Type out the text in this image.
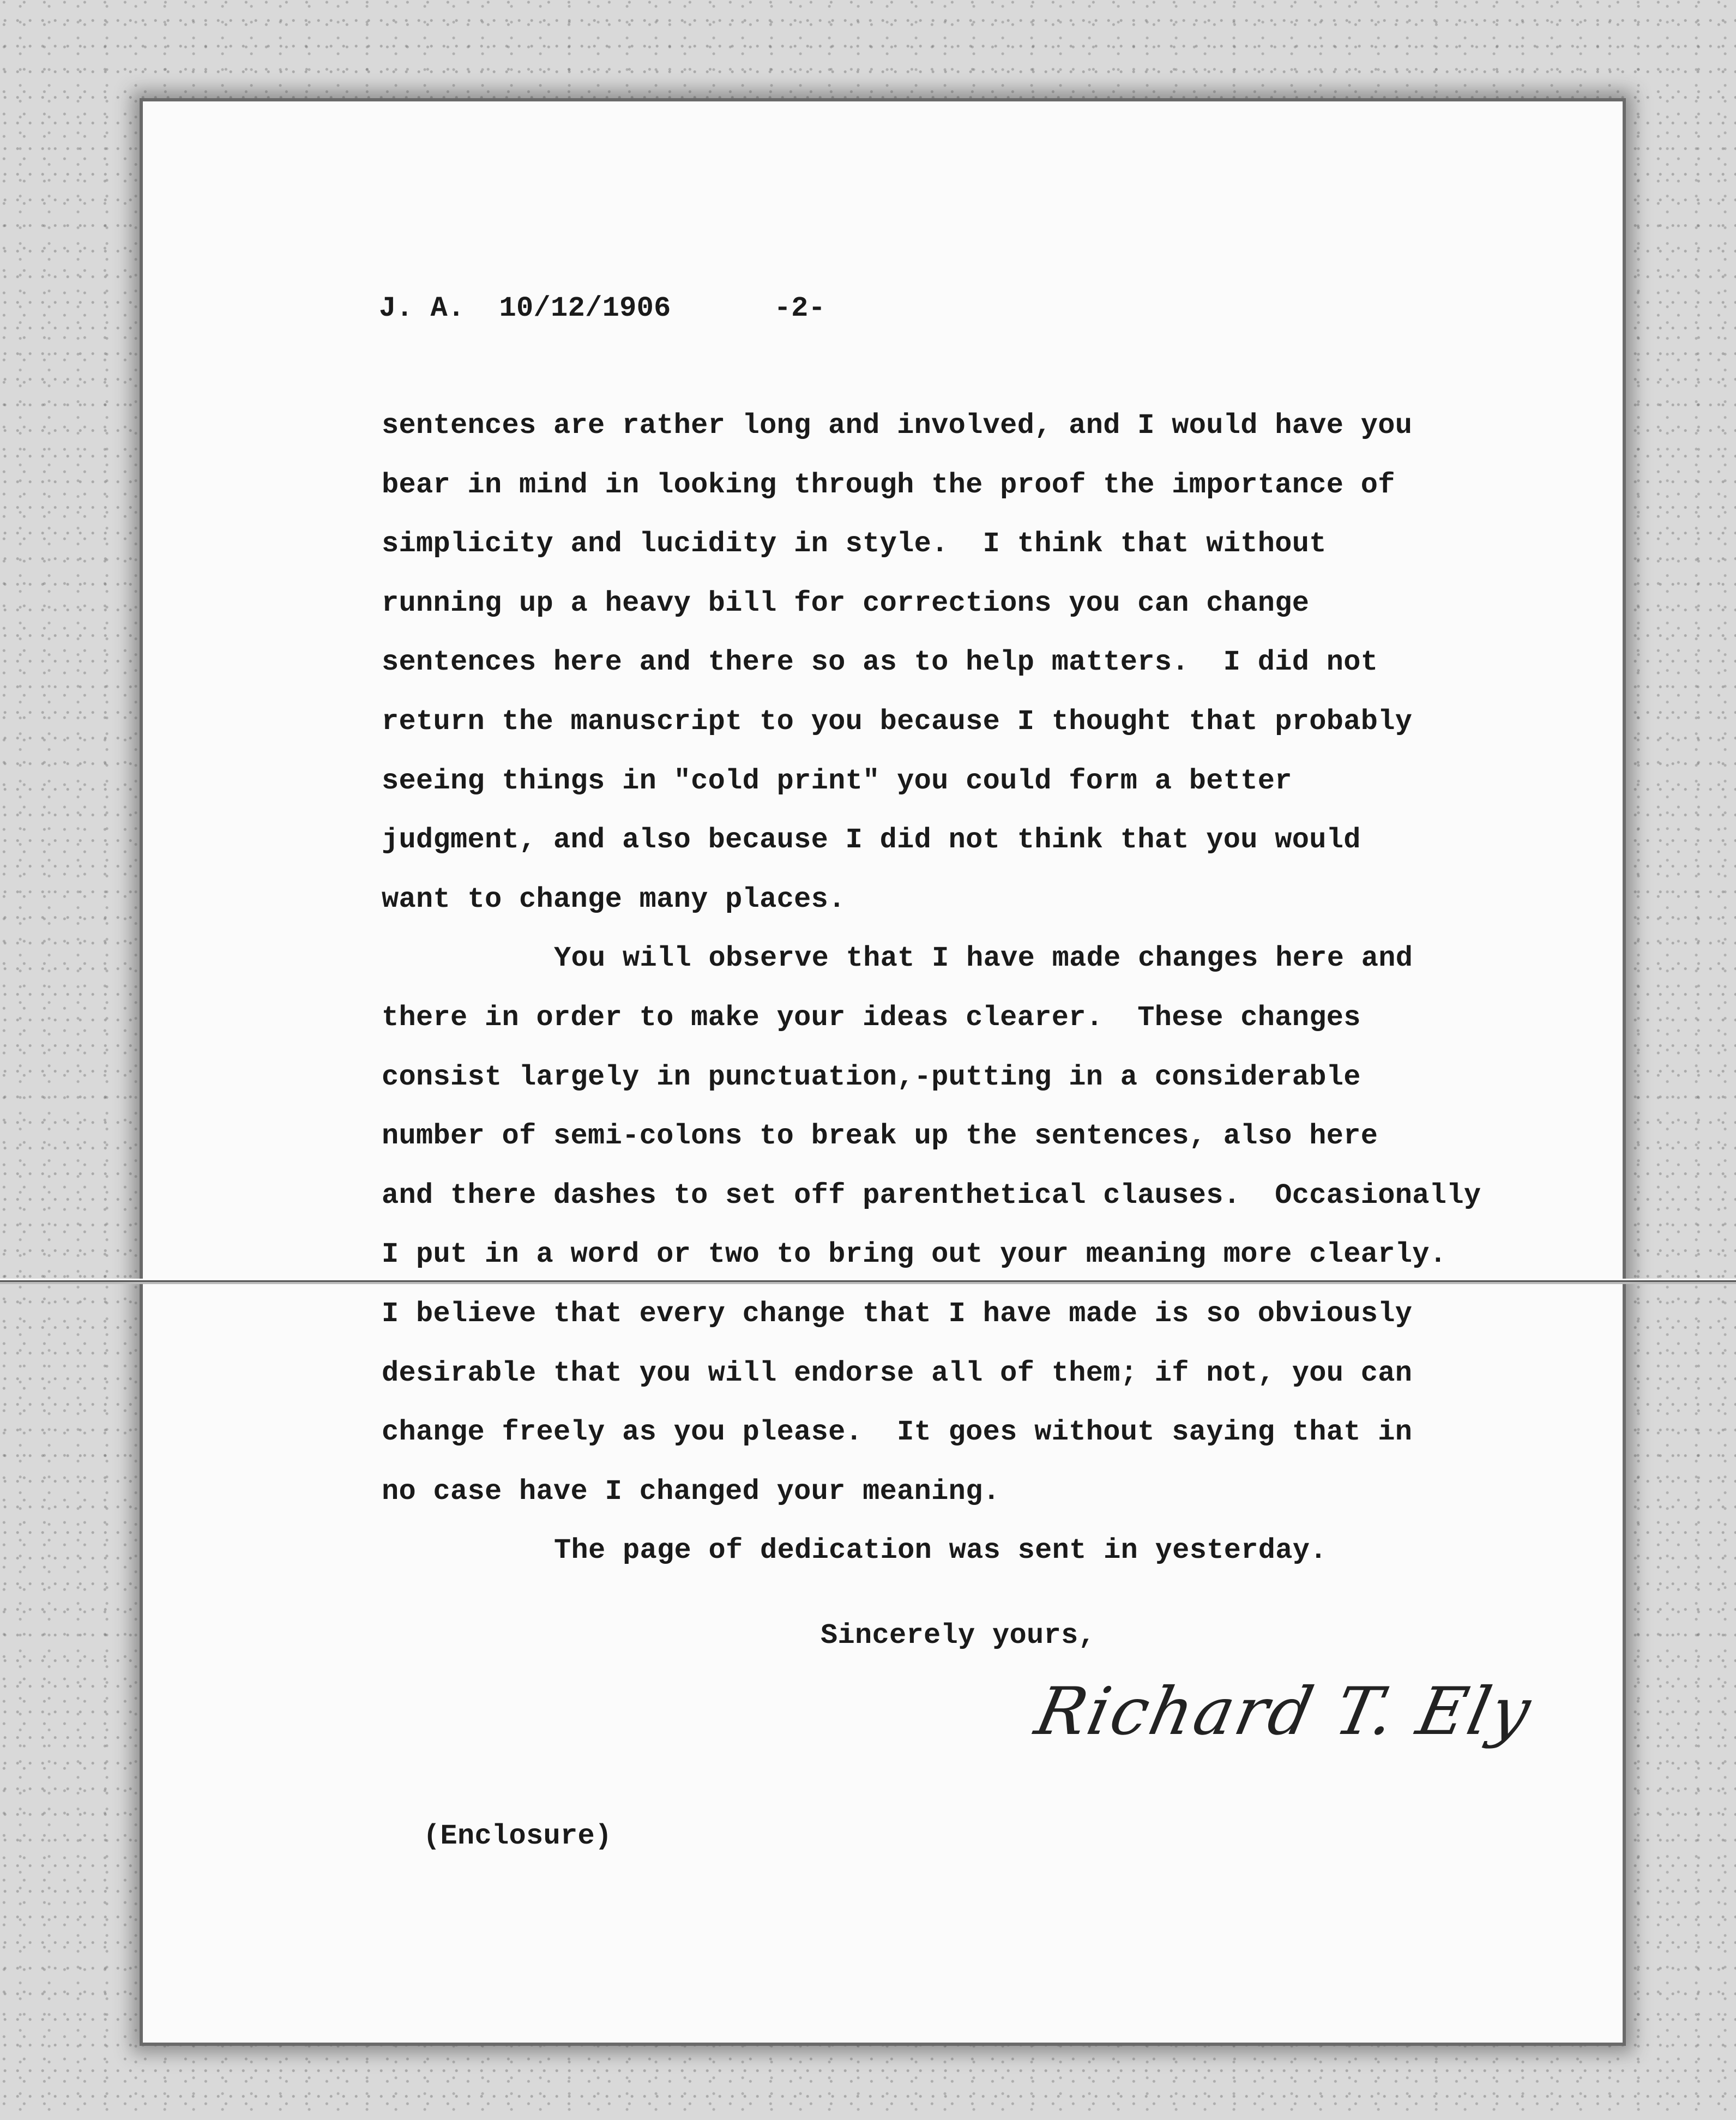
J. A. 10/12/1906	-2-
sentences are rather long and involved, and I would have you
bear in mind in looking through the proof the importance of
simplicity and lucidity in style.  I think that without
running up a heavy bill for corrections you can change
sentences here and there so as to help matters.  I did not
return the manuscript to you because I thought that probably
seeing things in "cold print" you could form a better
judgment, and also because I did not think that you would
want to change many places.
You will observe that I have made changes here and
there in order to make your ideas clearer.  These changes
consist largely in punctuation,-putting in a considerable
number of semi-colons to break up the sentences, also here
and there dashes to set off parenthetical clauses.  Occasionally
I put in a word or two to bring out your meaning more clearly.
I believe that every change that I have made is so obviously
desirable that you will endorse all of them; if not, you can
change freely as you please.  It goes without saying that in
no case have I changed your meaning.
The page of dedication was sent in yesterday.
Sincerely yours,
Richard T. Ely
(Enclosure)
